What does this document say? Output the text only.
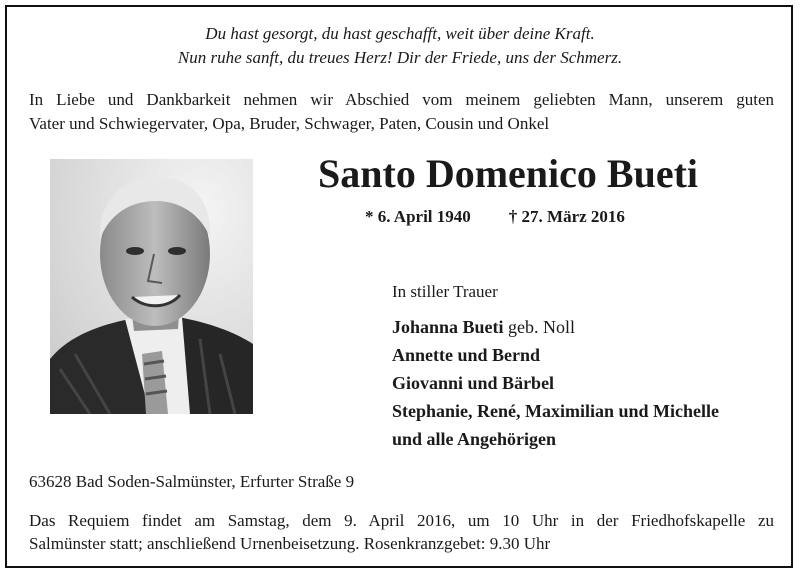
Du hast gesorgt, du hast geschafft, weit über deine Kraft.
Nun ruhe sanft, du treues Herz! Dir der Friede, uns der Schmerz.
In Liebe und Dankbarkeit nehmen wir Abschied vom meinem geliebten Mann, unserem guten
Vater und Schwiegervater, Opa, Bruder, Schwager, Paten, Cousin und Onkel
Santo Domenico Bueti
* 6. April 1940 † 27. März 2016
In stiller Trauer
Johanna Bueti geb. Noll
Annette und Bernd
Giovanni und Bärbel
Stephanie, René, Maximilian und Michelle
und alle Angehörigen
63628 Bad Soden-Salmünster, Erfurter Straße 9
Das Requiem findet am Samstag, dem 9. April 2016, um 10 Uhr in der Friedhofskapelle zu
Salmünster statt; anschließend Urnenbeisetzung. Rosenkranzgebet: 9.30 Uhr
